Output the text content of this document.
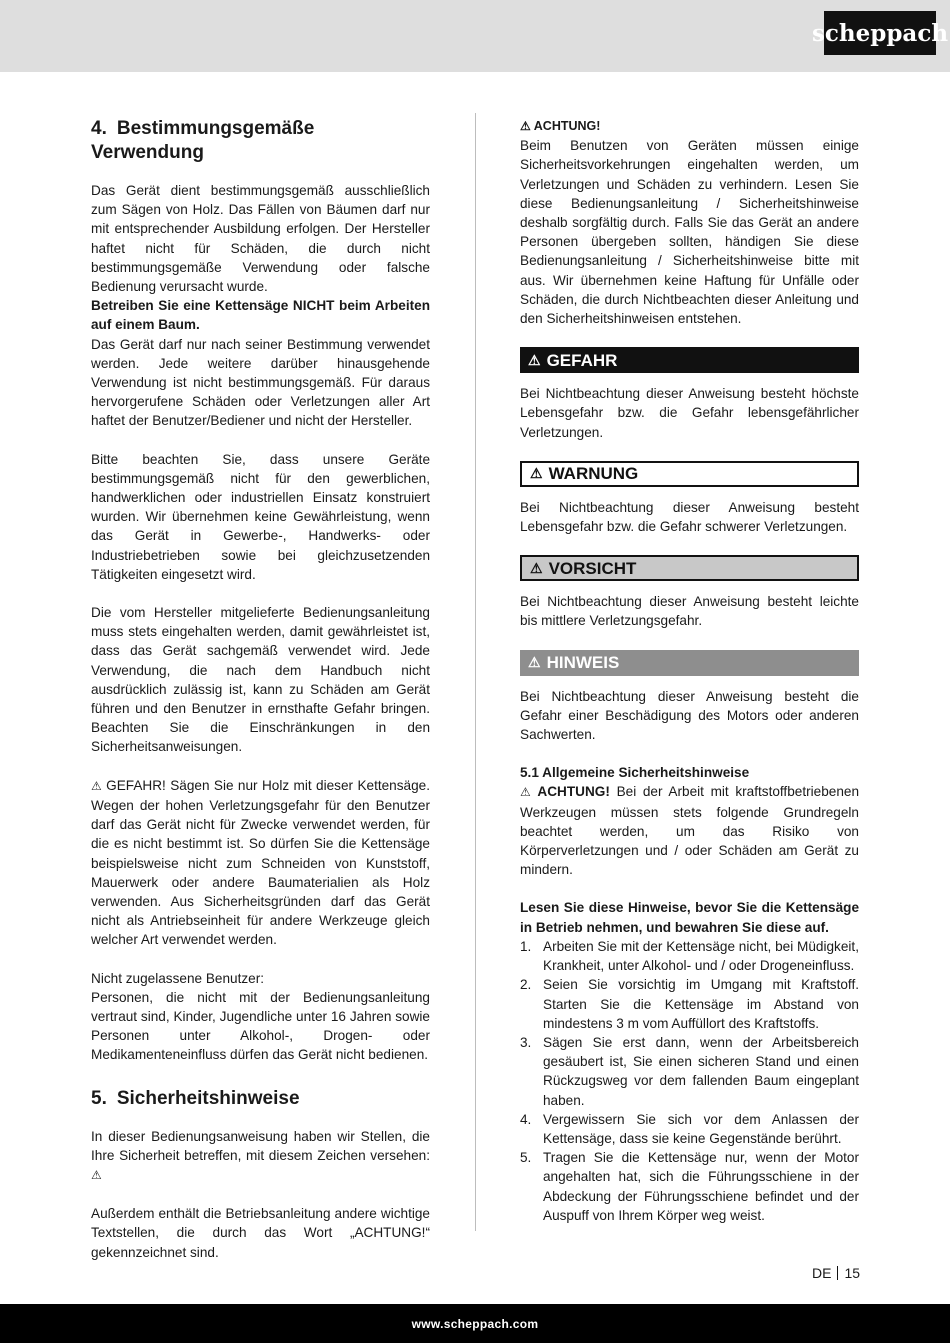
scheppach
4. Bestimmungsgemäße Verwendung

Das Gerät dient bestimmungsgemäß ausschließlich zum Sägen von Holz. Das Fällen von Bäumen darf nur mit entsprechender Ausbildung erfolgen. Der Hersteller haftet nicht für Schäden, die durch nicht bestimmungsgemäße Verwendung oder falsche Bedienung verursacht wurde.

Betreiben Sie eine Kettensäge NICHT beim Arbeiten auf einem Baum.

Das Gerät darf nur nach seiner Bestimmung verwendet werden. Jede weitere darüber hinausgehende Verwendung ist nicht bestimmungsgemäß. Für daraus hervorgerufene Schäden oder Verletzungen aller Art haftet der Benutzer/Bediener und nicht der Hersteller.

Bitte beachten Sie, dass unsere Geräte bestimmungsgemäß nicht für den gewerblichen, handwerklichen oder industriellen Einsatz konstruiert wurden. Wir übernehmen keine Gewährleistung, wenn das Gerät in Gewerbe-, Handwerks- oder Industriebetrieben sowie bei gleichzusetzenden Tätigkeiten eingesetzt wird.

Die vom Hersteller mitgelieferte Bedienungsanleitung muss stets eingehalten werden, damit gewährleistet ist, dass das Gerät sachgemäß verwendet wird. Jede Verwendung, die nach dem Handbuch nicht ausdrücklich zulässig ist, kann zu Schäden am Gerät führen und den Benutzer in ernsthafte Gefahr bringen. Beachten Sie die Einschränkungen in den Sicherheitsanweisungen.

⚠ GEFAHR! Sägen Sie nur Holz mit dieser Kettensäge. Wegen der hohen Verletzungsgefahr für den Benutzer darf das Gerät nicht für Zwecke verwendet werden, für die es nicht bestimmt ist. So dürfen Sie die Kettensäge beispielsweise nicht zum Schneiden von Kunststoff, Mauerwerk oder andere Baumaterialien als Holz verwenden. Aus Sicherheitsgründen darf das Gerät nicht als Antriebseinheit für andere Werkzeuge gleich welcher Art verwendet werden.

Nicht zugelassene Benutzer:

Personen, die nicht mit der Bedienungsanleitung vertraut sind, Kinder, Jugendliche unter 16 Jahren sowie Personen unter Alkohol-, Drogen- oder Medikamenteneinfluss dürfen das Gerät nicht bedienen.

5. Sicherheitshinweise

In dieser Bedienungsanweisung haben wir Stellen, die Ihre Sicherheit betreffen, mit diesem Zeichen versehen: ⚠

Außerdem enthält die Betriebsanleitung andere wichtige Textstellen, die durch das Wort „ACHTUNG!“ gekennzeichnet sind.

⚠ ACHTUNG!

Beim Benutzen von Geräten müssen einige Sicherheitsvorkehrungen eingehalten werden, um Verletzungen und Schäden zu verhindern. Lesen Sie diese Bedienungsanleitung / Sicherheitshinweise deshalb sorgfältig durch. Falls Sie das Gerät an andere Personen übergeben sollten, händigen Sie diese Bedienungsanleitung / Sicherheitshinweise bitte mit aus. Wir übernehmen keine Haftung für Unfälle oder Schäden, die durch Nichtbeachten dieser Anleitung und den Sicherheitshinweisen entstehen.

⚠ GEFAHR

Bei Nichtbeachtung dieser Anweisung besteht höchste Lebensgefahr bzw. die Gefahr lebensgefährlicher Verletzungen.

⚠ WARNUNG

Bei Nichtbeachtung dieser Anweisung besteht Lebensgefahr bzw. die Gefahr schwerer Verletzungen.

⚠ VORSICHT

Bei Nichtbeachtung dieser Anweisung besteht leichte bis mittlere Verletzungsgefahr.

⚠ HINWEIS

Bei Nichtbeachtung dieser Anweisung besteht die Gefahr einer Beschädigung des Motors oder anderen Sachwerten.

5.1 Allgemeine Sicherheitshinweise

⚠ ACHTUNG! Bei der Arbeit mit kraftstoffbetriebenen Werkzeugen müssen stets folgende Grundregeln beachtet werden, um das Risiko von Körperverletzungen und / oder Schäden am Gerät zu mindern.

Lesen Sie diese Hinweise, bevor Sie die Kettensäge in Betrieb nehmen, und bewahren Sie diese auf.

1. Arbeiten Sie mit der Kettensäge nicht, bei Müdigkeit, Krankheit, unter Alkohol- und / oder Drogeneinfluss.
2. Seien Sie vorsichtig im Umgang mit Kraftstoff. Starten Sie die Kettensäge im Abstand von mindestens 3 m vom Auffüllort des Kraftstoffs.
3. Sägen Sie erst dann, wenn der Arbeitsbereich gesäubert ist, Sie einen sicheren Stand und einen Rückzugsweg vor dem fallenden Baum eingeplant haben.
4. Vergewissern Sie sich vor dem Anlassen der Kettensäge, dass sie keine Gegenstände berührt.
5. Tragen Sie die Kettensäge nur, wenn der Motor angehalten hat, sich die Führungsschiene in der Abdeckung der Führungsschiene befindet und der Auspuff von Ihrem Körper weg weist.
DE 15
www.scheppach.com
